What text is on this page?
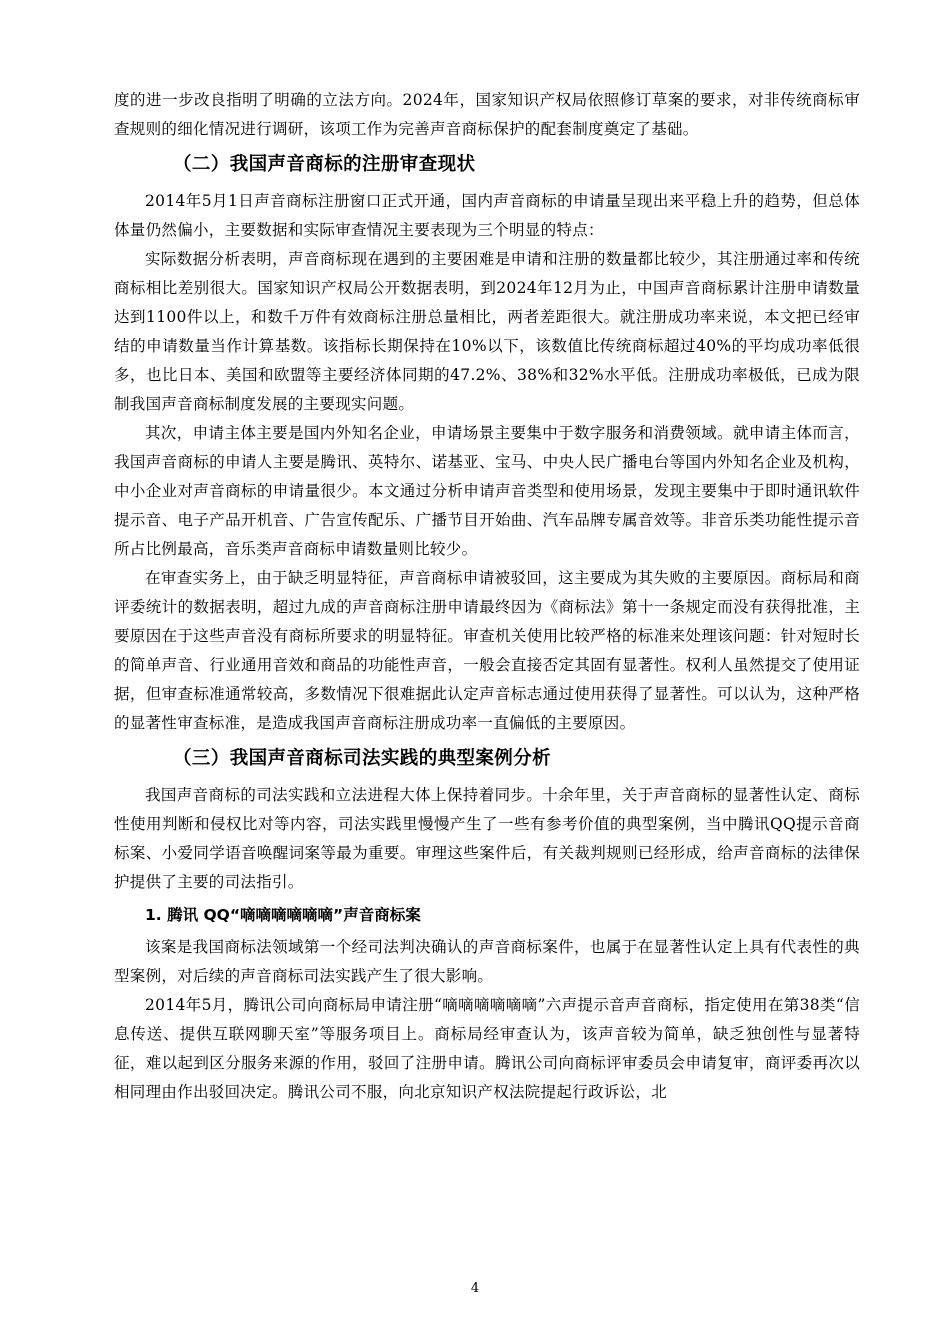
度的进一步改良指明了明确的立法方向。2024年，国家知识产权局依照修订草案的要求，对非传统商标审查规则的细化情况进行调研，该项工作为完善声音商标保护的配套制度奠定了基础。

（二）我国声音商标的注册审查现状

2014年5月1日声音商标注册窗口正式开通，国内声音商标的申请量呈现出来平稳上升的趋势，但总体体量仍然偏小，主要数据和实际审查情况主要表现为三个明显的特点：

实际数据分析表明，声音商标现在遇到的主要困难是申请和注册的数量都比较少，其注册通过率和传统商标相比差别很大。国家知识产权局公开数据表明，到2024年12月为止，中国声音商标累计注册申请数量达到1100件以上，和数千万件有效商标注册总量相比，两者差距很大。就注册成功率来说，本文把已经审结的申请数量当作计算基数。该指标长期保持在10%以下，该数值比传统商标超过40%的平均成功率低很多，也比日本、美国和欧盟等主要经济体同期的47.2%、38%和32%水平低。注册成功率极低，已成为限制我国声音商标制度发展的主要现实问题。

其次，申请主体主要是国内外知名企业，申请场景主要集中于数字服务和消费领域。就申请主体而言，我国声音商标的申请人主要是腾讯、英特尔、诺基亚、宝马、中央人民广播电台等国内外知名企业及机构，中小企业对声音商标的申请量很少。本文通过分析申请声音类型和使用场景，发现主要集中于即时通讯软件提示音、电子产品开机音、广告宣传配乐、广播节目开始曲、汽车品牌专属音效等。非音乐类功能性提示音所占比例最高，音乐类声音商标申请数量则比较少。

在审查实务上，由于缺乏明显特征，声音商标申请被驳回，这主要成为其失败的主要原因。商标局和商评委统计的数据表明，超过九成的声音商标注册申请最终因为《商标法》第十一条规定而没有获得批准，主要原因在于这些声音没有商标所要求的明显特征。审查机关使用比较严格的标准来处理该问题：针对短时长的简单声音、行业通用音效和商品的功能性声音，一般会直接否定其固有显著性。权利人虽然提交了使用证据，但审查标准通常较高，多数情况下很难据此认定声音标志通过使用获得了显著性。可以认为，这种严格的显著性审查标准，是造成我国声音商标注册成功率一直偏低的主要原因。

（三）我国声音商标司法实践的典型案例分析

我国声音商标的司法实践和立法进程大体上保持着同步。十余年里，关于声音商标的显著性认定、商标性使用判断和侵权比对等内容，司法实践里慢慢产生了一些有参考价值的典型案例，当中腾讯QQ提示音商标案、小爱同学语音唤醒词案等最为重要。审理这些案件后，有关裁判规则已经形成，给声音商标的法律保护提供了主要的司法指引。

1. 腾讯 QQ“嘀嘀嘀嘀嘀嘀”声音商标案

该案是我国商标法领域第一个经司法判决确认的声音商标案件，也属于在显著性认定上具有代表性的典型案例，对后续的声音商标司法实践产生了很大影响。

2014年5月，腾讯公司向商标局申请注册“嘀嘀嘀嘀嘀嘀”六声提示音声音商标，指定使用在第38类“信息传送、提供互联网聊天室”等服务项目上。商标局经审查认为，该声音较为简单，缺乏独创性与显著特征，难以起到区分服务来源的作用，驳回了注册申请。腾讯公司向商标评审委员会申请复审，商评委再次以相同理由作出驳回决定。腾讯公司不服，向北京知识产权法院提起行政诉讼，北

4
